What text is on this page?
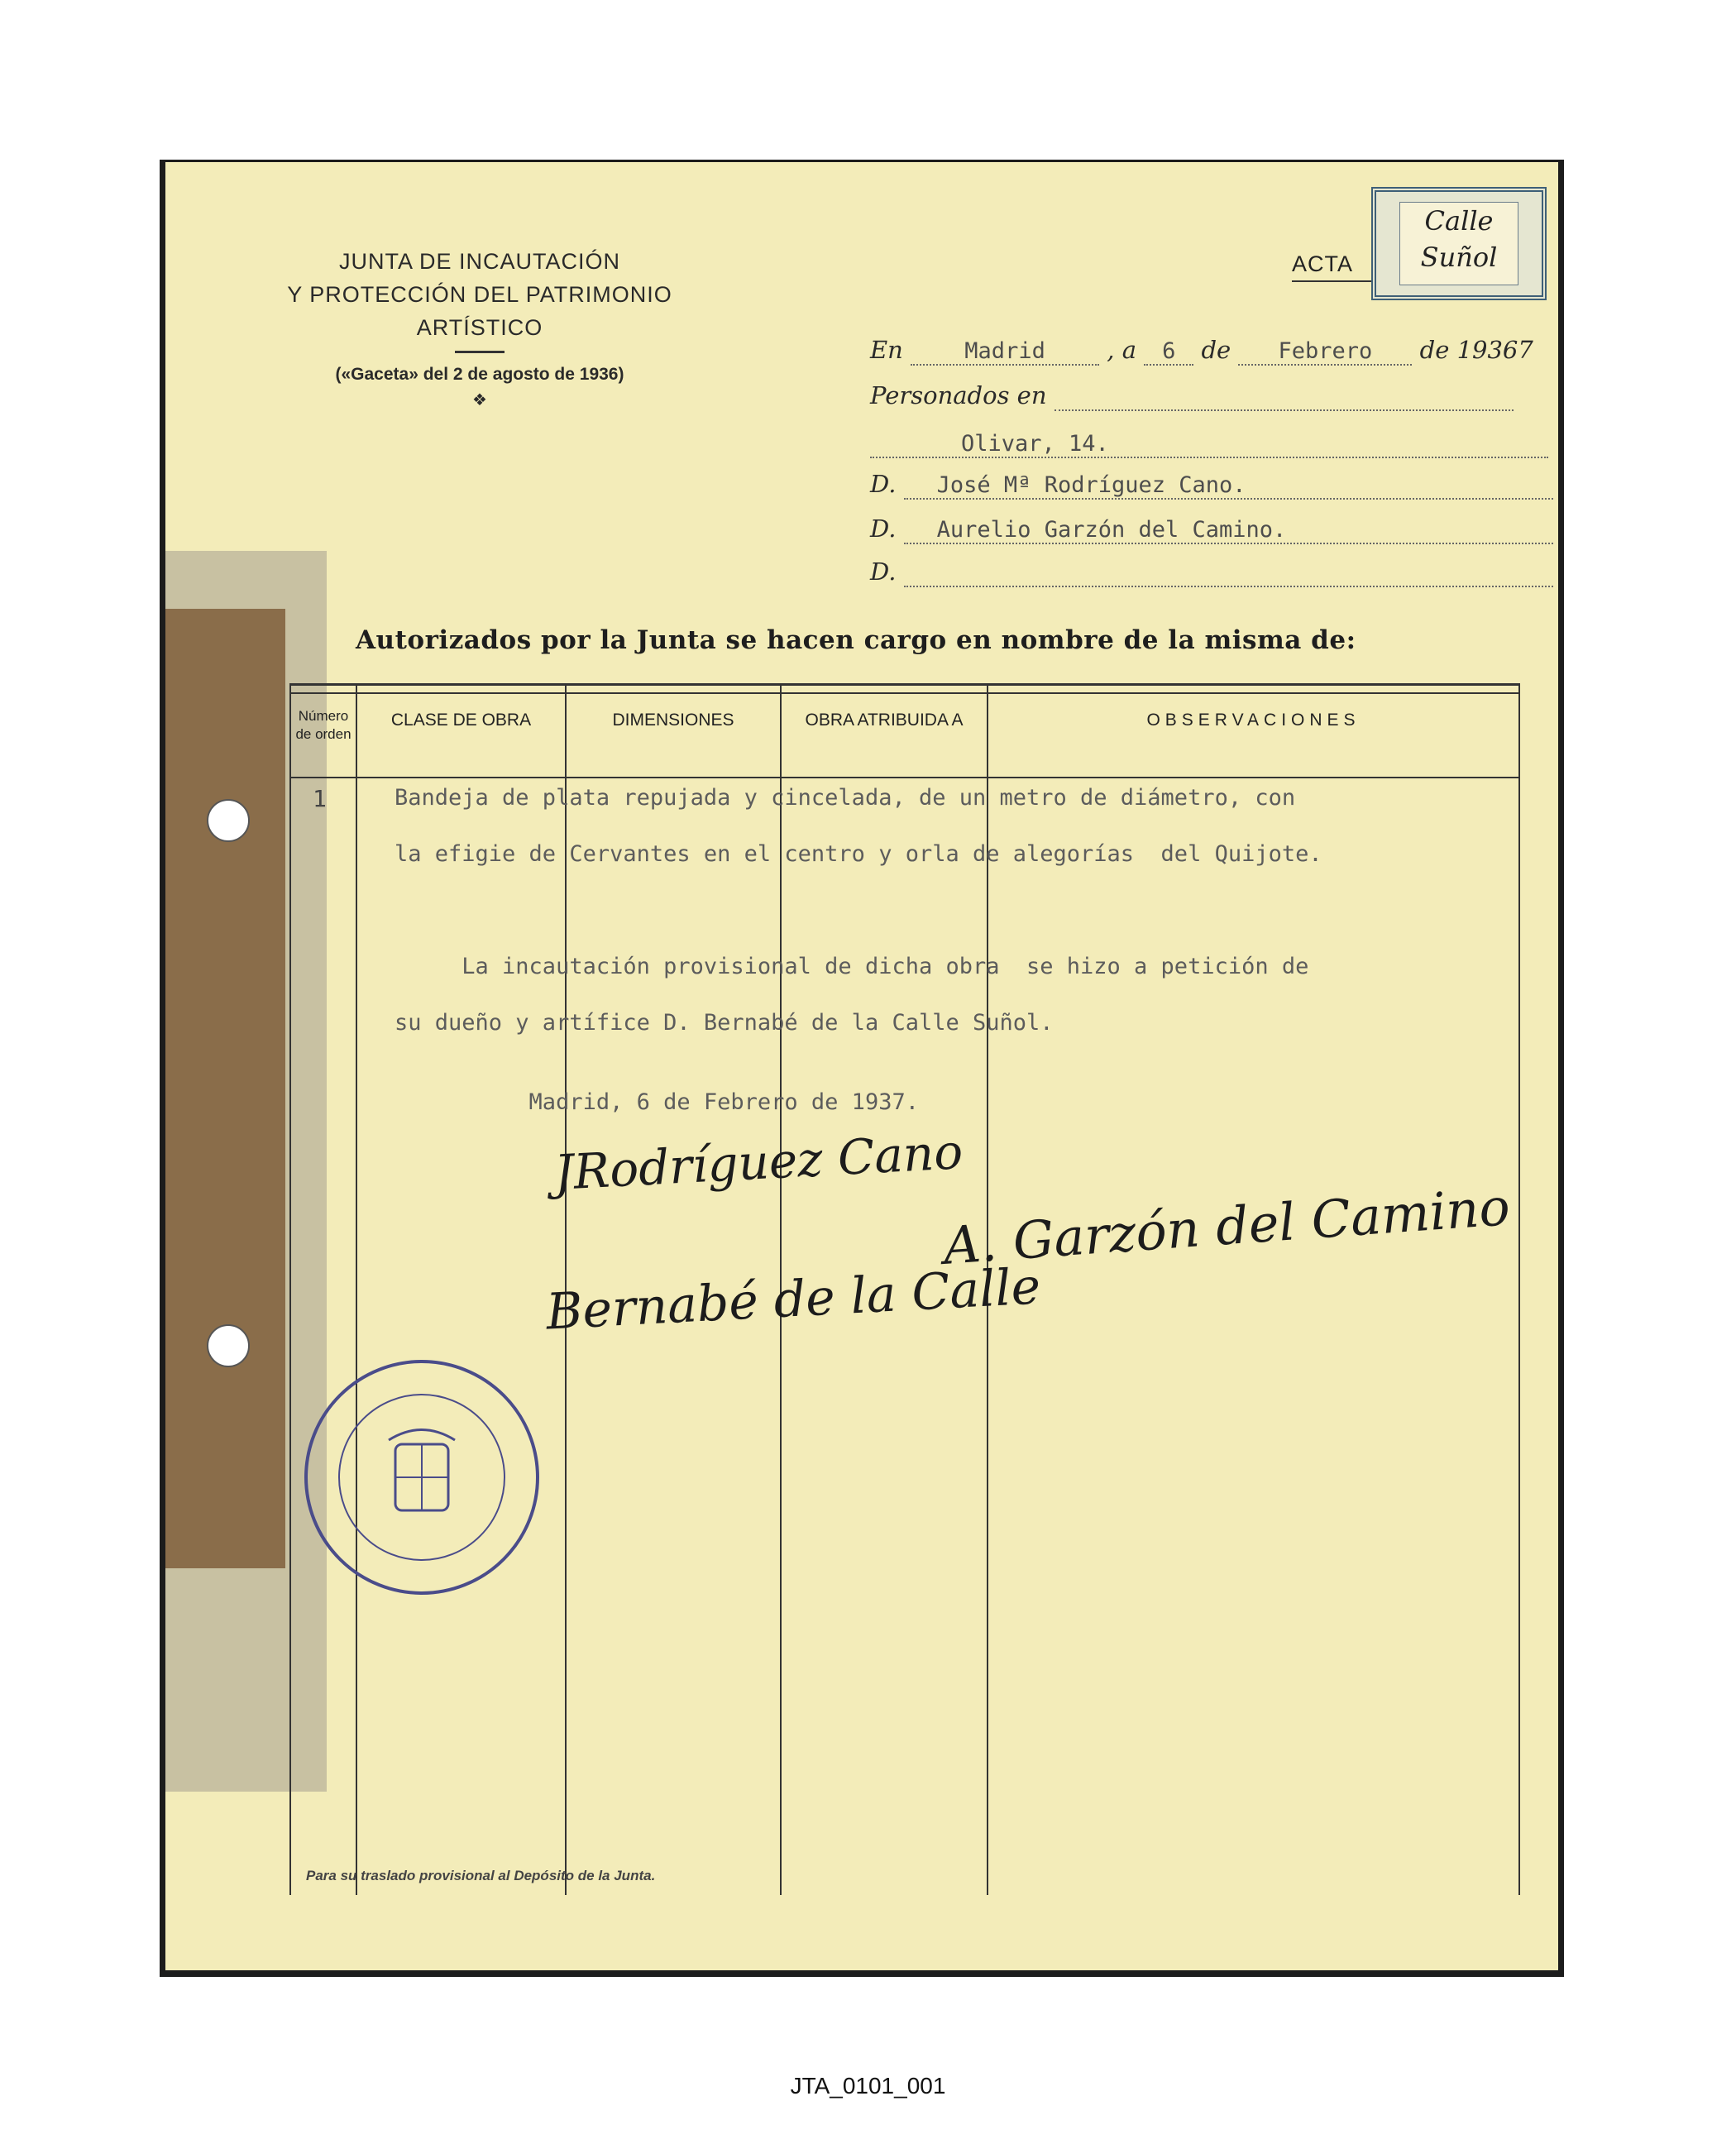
JUNTA DE INCAUTACIÓN
Y PROTECCIÓN DEL PATRIMONIO
ARTÍSTICO
(«Gaceta» del 2 de agosto de 1936)
❖
ACTA
Calle
Suñol
En	Madrid	, a 6 de Febrero de 19367
Personados en
Olivar, 14.
D. José Mª Rodríguez Cano.
D. Aurelio Garzón del Camino.
D.
Autorizados por la Junta se hacen cargo en nombre de la misma de:
Número
de orden
CLASE DE OBRA	DIMENSIONES	OBRA ATRIBUIDA A	OBSERVACIONES
1	Bandeja de plata repujada y cincelada, de un metro de diámetro, con
la efigie de Cervantes en el centro y orla de alegorías  del Quijote.
La incautación provisional de dicha obra  se hizo a petición de
su dueño y artífice D. Bernabé de la Calle Suñol.
Madrid, 6 de Febrero de 1937.
JRodríguez Cano
A. Garzón del Camino
Bernabé de la Calle
Para su traslado provisional al Depósito de la Junta.
JTA_0101_001
